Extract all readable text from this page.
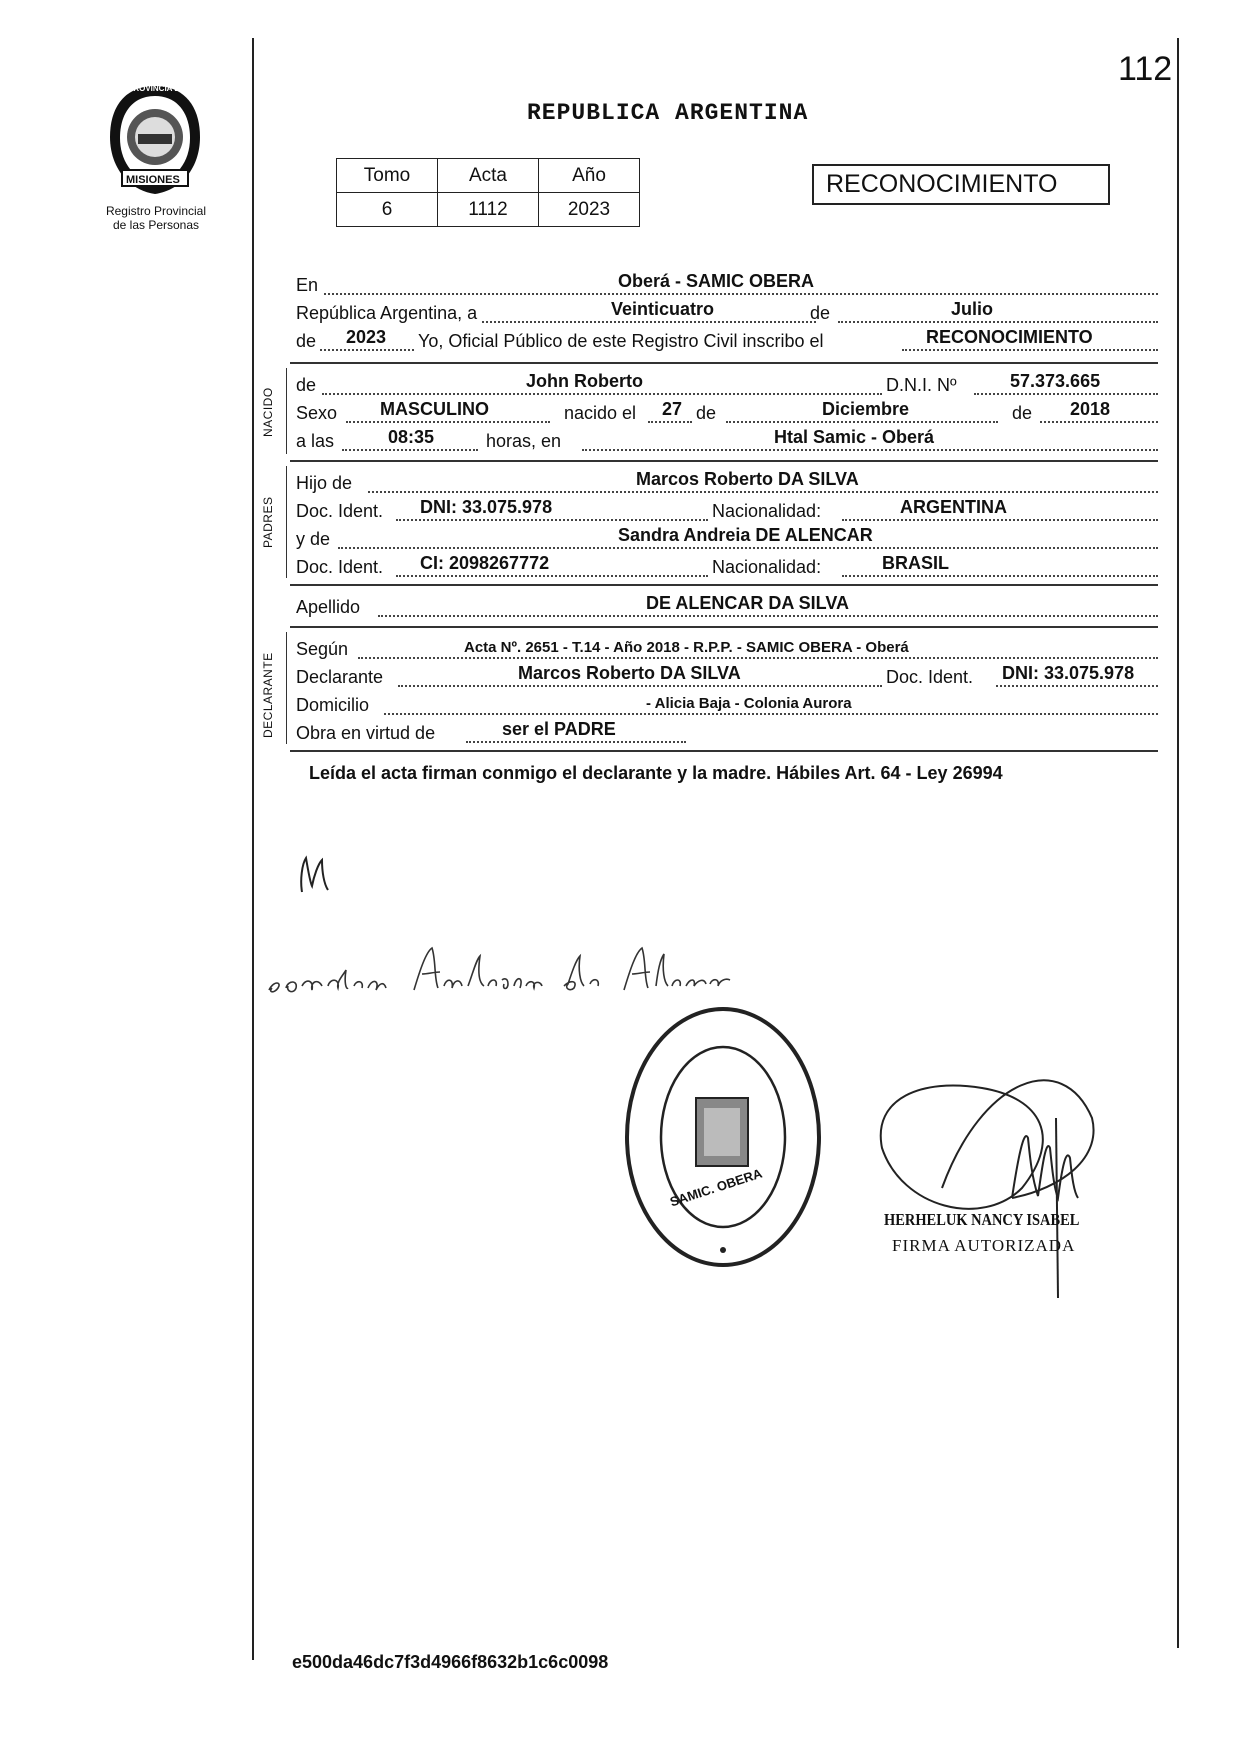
112
PROVINCIA DE
MISIONES
Registro Provincial
de las Personas
REPUBLICA ARGENTINA
Tomo	Acta	Año
6	1112	2023
RECONOCIMIENTO
En	Oberá - SAMIC OBERA
República Argentina, a	Veinticuatro	de	Julio
de 2023 Yo, Oficial Público de este Registro Civil inscribo el	RECONOCIMIENTO
NACIDO
de	John Roberto	D.N.I. Nº	57.373.665
Sexo MASCULINO	nacido el 27 de	Diciembre	de 2018
a las	08:35	horas, en	Htal Samic - Oberá
PADRES
Hijo de	Marcos Roberto DA SILVA
Doc. Ident. DNI: 33.075.978	Nacionalidad:	ARGENTINA
y de	Sandra Andreia DE ALENCAR
Doc. Ident. CI: 2098267772	Nacionalidad:	BRASIL
Apellido	DE ALENCAR DA SILVA
DECLARANTE
Según	Acta Nº. 2651 - T.14 - Año 2018 - R.P.P. - SAMIC OBERA - Oberá
Declarante	Marcos Roberto DA SILVA	Doc. Ident. DNI: 33.075.978
Domicilio	- Alicia Baja - Colonia Aurora
Obra en virtud de	ser el PADRE
Leída el acta firman conmigo el declarante y la madre. Hábiles Art. 64 - Ley 26994
SAMIC. OBERA
HERHELUK NANCY ISABEL
FIRMA AUTORIZADA
e500da46dc7f3d4966f8632b1c6c0098
